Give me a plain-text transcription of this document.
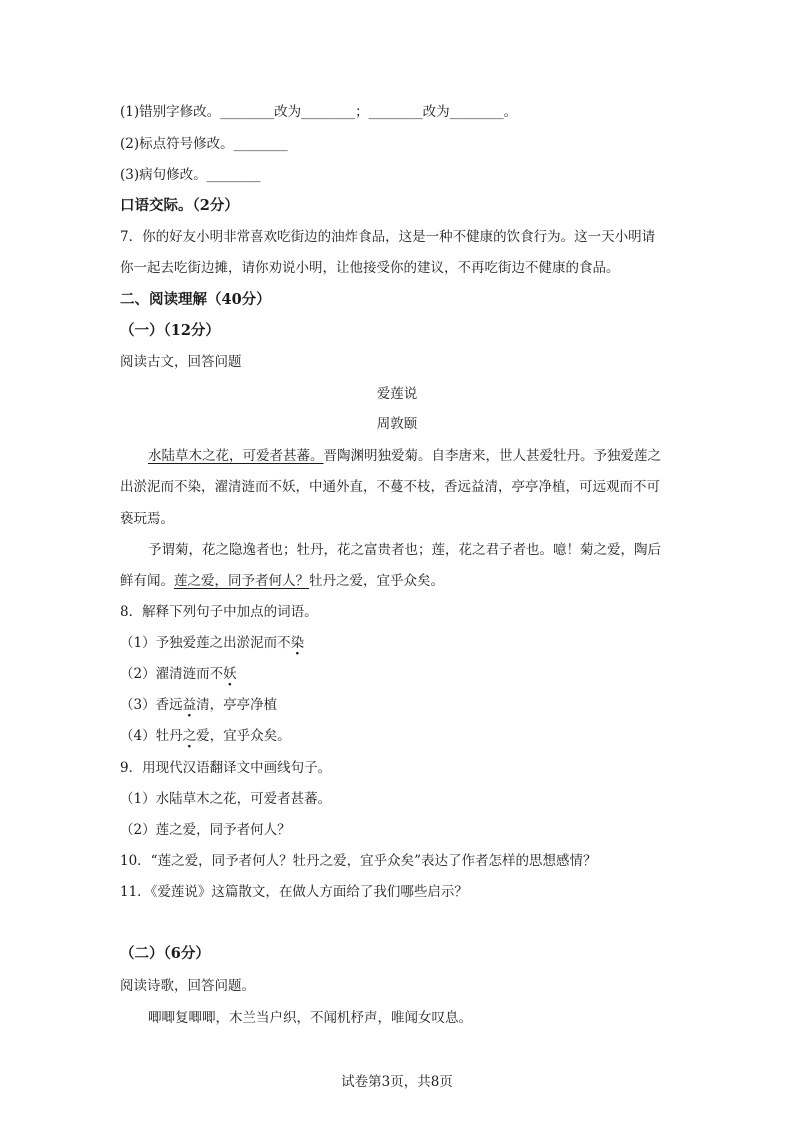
(1)错别字修改。________改为________；________改为________。
(2)标点符号修改。________
(3)病句修改。________
口语交际。（2分）
7．你的好友小明非常喜欢吃街边的油炸食品，这是一种不健康的饮食行为。这一天小明请
你一起去吃街边摊，请你劝说小明，让他接受你的建议，不再吃街边不健康的食品。
二、阅读理解（40分）
（一）（12分）
阅读古文，回答问题
爱莲说
周敦颐
水陆草木之花，可爱者甚蕃。晋陶渊明独爱菊。自李唐来，世人甚爱牡丹。予独爱莲之
出淤泥而不染，濯清涟而不妖，中通外直，不蔓不枝，香远益清，亭亭净植，可远观而不可
亵玩焉。
予谓菊，花之隐逸者也；牡丹，花之富贵者也；莲，花之君子者也。噫！菊之爱，陶后
鲜有闻。莲之爱，同予者何人？牡丹之爱，宜乎众矣。
8．解释下列句子中加点的词语。
（1）予独爱莲之出淤泥而不染
（2）濯清涟而不妖
（3）香远益清，亭亭净植
（4）牡丹之爱，宜乎众矣。
9．用现代汉语翻译文中画线句子。
（1）水陆草木之花，可爱者甚蕃。
（2）莲之爱，同予者何人？
10．“莲之爱，同予者何人？牡丹之爱，宜乎众矣”表达了作者怎样的思想感情？
11．《爱莲说》这篇散文，在做人方面给了我们哪些启示？
（二）（6分）
阅读诗歌，回答问题。
唧唧复唧唧，木兰当户织，不闻机杼声，唯闻女叹息。
试卷第3页，共8页
